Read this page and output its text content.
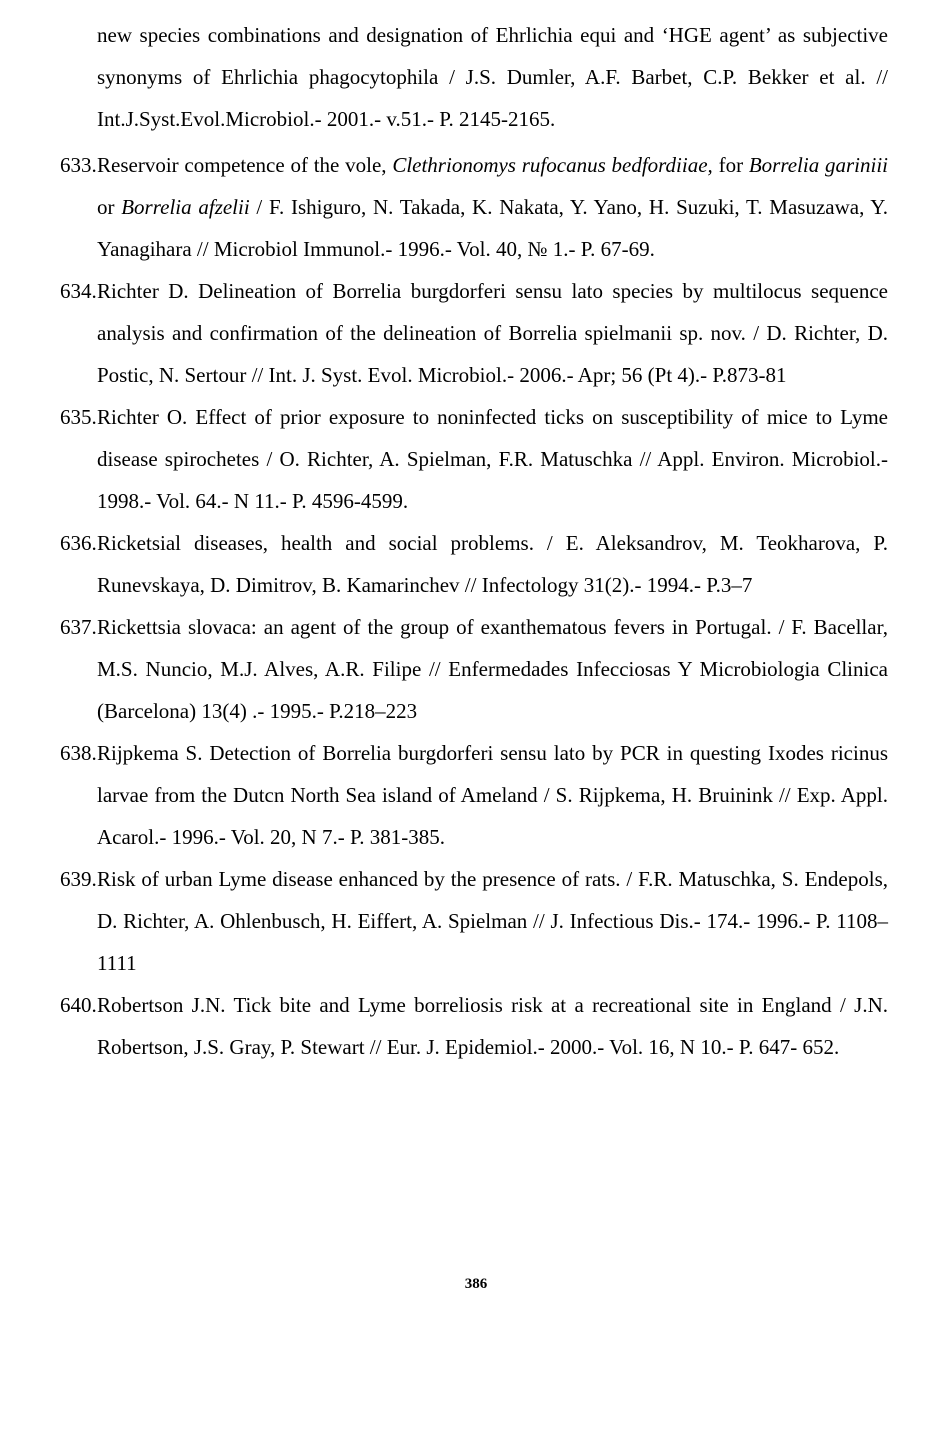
new species combinations and designation of Ehrlichia equi and ‘HGE agent’ as subjective synonyms of Ehrlichia phagocytophila / J.S. Dumler, A.F. Barbet, C.P. Bekker et al. // Int.J.Syst.Evol.Microbiol.- 2001.- v.51.- P. 2145-2165.

633. Reservoir competence of the vole, Clethrionomys rufocanus bedfordiiae, for Borrelia gariniii or Borrelia afzelii / F. Ishiguro, N. Takada, K. Nakata, Y. Yano, H. Suzuki, T. Masuzawa, Y. Yanagihara // Microbiol Immunol.- 1996.- Vol. 40, № 1.- P. 67-69.

634. Richter D. Delineation of Borrelia burgdorferi sensu lato species by multilocus sequence analysis and confirmation of the delineation of Borrelia spielmanii sp. nov. / D. Richter, D. Postic, N. Sertour // Int. J. Syst. Evol. Microbiol.- 2006.- Apr; 56 (Pt 4).- P.873-81

635. Richter O. Effect of prior exposure to noninfected ticks on susceptibility of mice to Lyme disease spirochetes / O. Richter, A. Spielman, F.R. Matuschka // Appl. Environ. Microbiol.- 1998.- Vol. 64.- N 11.- P. 4596-4599.

636. Ricketsial diseases, health and social problems. / E. Aleksandrov, M. Teokharova, P. Runevskaya, D. Dimitrov, B. Kamarinchev // Infectology 31(2).- 1994.- P.3–7

637. Rickettsia slovaca: an agent of the group of exanthematous fevers in Portugal. / F. Bacellar, M.S. Nuncio, M.J. Alves, A.R. Filipe // Enfermedades Infecciosas Y Microbiologia Clinica (Barcelona) 13(4) .- 1995.- P.218–223

638. Rijpkema S. Detection of Borrelia burgdorferi sensu lato by PCR in questing Ixodes ricinus larvae from the Dutcn North Sea island of Ameland / S. Rijpkema, H. Bruinink // Exp. Appl. Acarol.- 1996.- Vol. 20, N 7.- P. 381-385.

639. Risk of urban Lyme disease enhanced by the presence of rats. / F.R. Matuschka, S. Endepols, D. Richter, A. Ohlenbusch, H. Eiffert, A. Spielman // J. Infectious Dis.- 174.- 1996.- P. 1108–1111

640. Robertson J.N. Tick bite and Lyme borreliosis risk at a recreational site in England / J.N. Robertson, J.S. Gray, P. Stewart // Eur. J. Epidemiol.- 2000.- Vol. 16, N 10.- P. 647- 652.

386
